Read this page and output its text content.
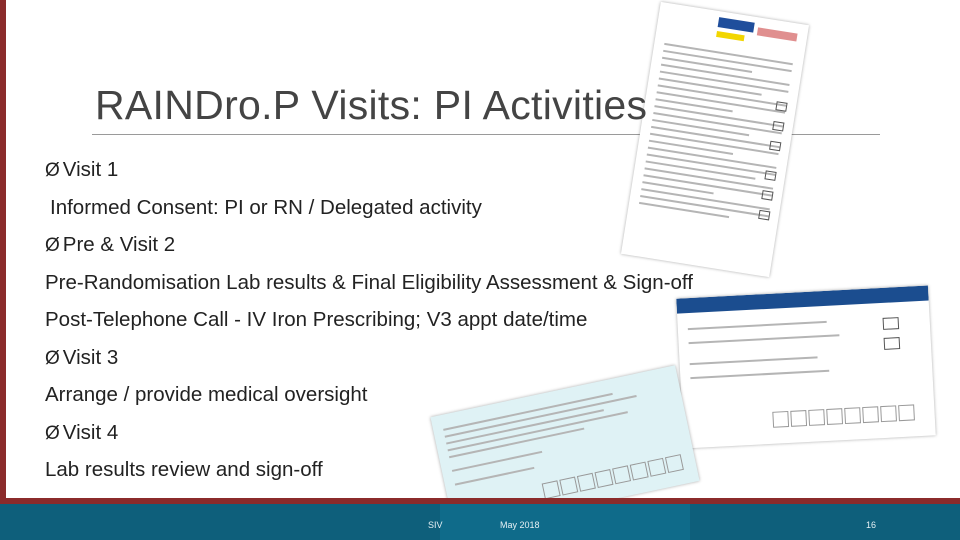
RAINDro.P Visits: PI Activities

Ø Visit 1
Informed Consent: PI or RN / Delegated activity
Ø Pre & Visit 2
Pre-Randomisation Lab results & Final Eligibility Assessment & Sign-off
Post-Telephone Call - IV Iron Prescribing; V3 appt date/time
Ø Visit 3
Arrange / provide medical oversight
Ø Visit 4
Lab results review and sign-off
SIV	May 2018	16
